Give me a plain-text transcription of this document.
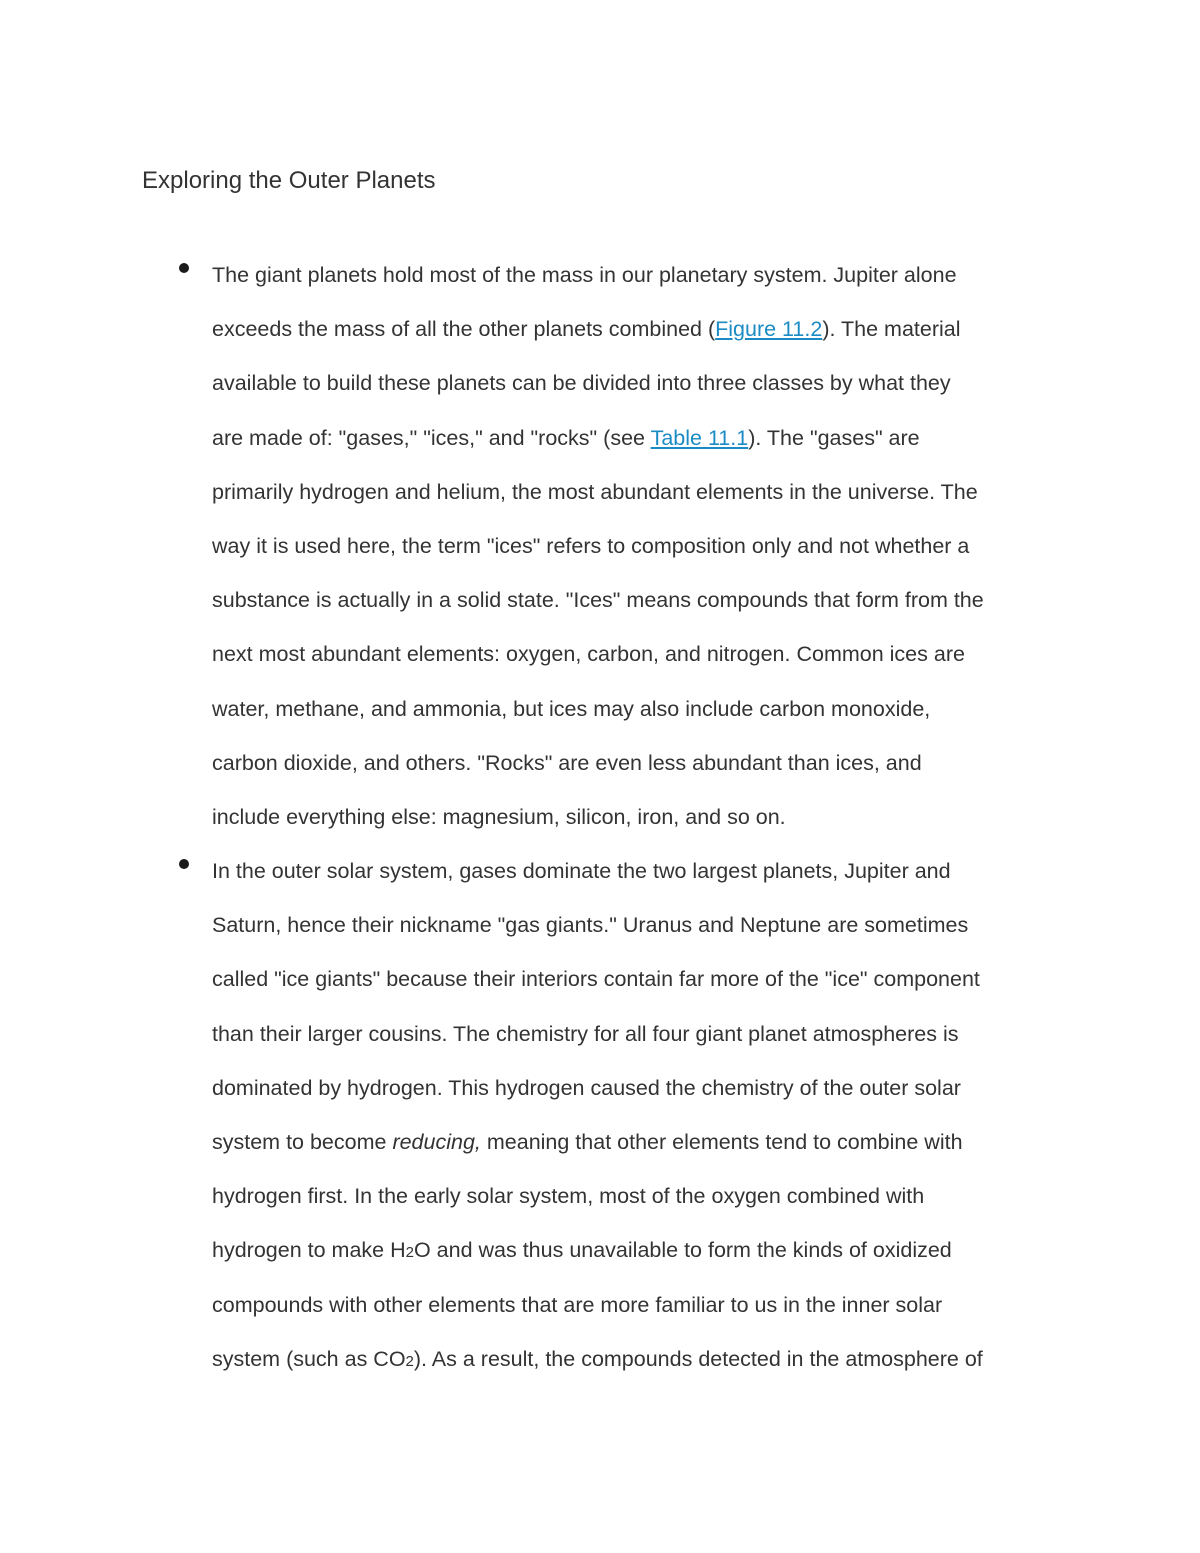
Exploring the Outer Planets
The giant planets hold most of the mass in our planetary system. Jupiter alone
exceeds the mass of all the other planets combined (Figure 11.2). The material
available to build these planets can be divided into three classes by what they
are made of: "gases," "ices," and "rocks" (see Table 11.1). The "gases" are
primarily hydrogen and helium, the most abundant elements in the universe. The
way it is used here, the term "ices" refers to composition only and not whether a
substance is actually in a solid state. "Ices" means compounds that form from the
next most abundant elements: oxygen, carbon, and nitrogen. Common ices are
water, methane, and ammonia, but ices may also include carbon monoxide,
carbon dioxide, and others. "Rocks" are even less abundant than ices, and
include everything else: magnesium, silicon, iron, and so on.
In the outer solar system, gases dominate the two largest planets, Jupiter and
Saturn, hence their nickname "gas giants." Uranus and Neptune are sometimes
called "ice giants" because their interiors contain far more of the "ice" component
than their larger cousins. The chemistry for all four giant planet atmospheres is
dominated by hydrogen. This hydrogen caused the chemistry of the outer solar
system to become reducing, meaning that other elements tend to combine with
hydrogen first. In the early solar system, most of the oxygen combined with
hydrogen to make H2O and was thus unavailable to form the kinds of oxidized
compounds with other elements that are more familiar to us in the inner solar
system (such as CO2). As a result, the compounds detected in the atmosphere of
